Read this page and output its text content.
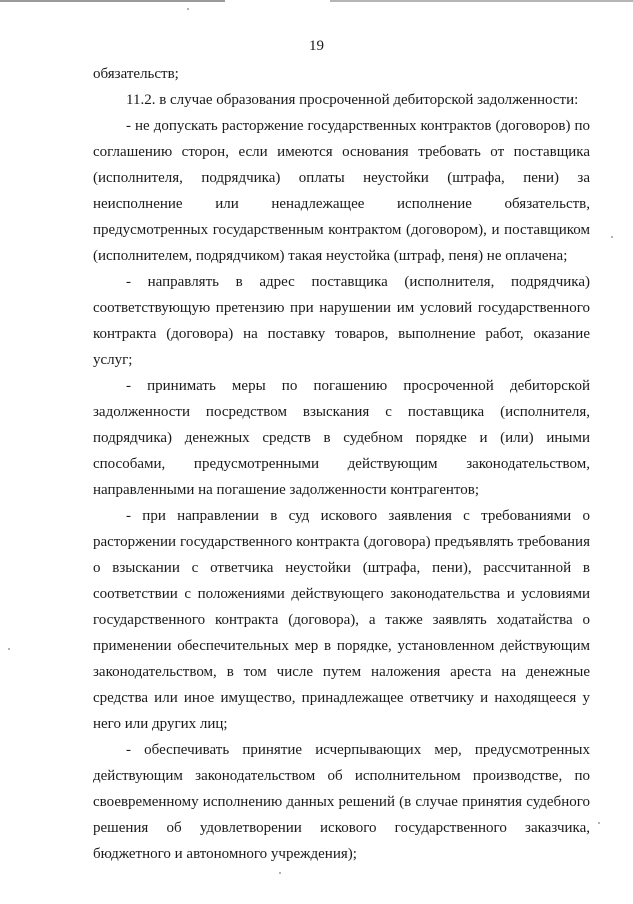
19

обязательств;

11.2. в случае образования просроченной дебиторской задолженности:

- не допускать расторжение государственных контрактов (договоров) по соглашению сторон, если имеются основания требовать от поставщика (исполнителя, подрядчика) оплаты неустойки (штрафа, пени) за неисполнение или ненадлежащее исполнение обязательств, предусмотренных государственным контрактом (договором), и поставщиком (исполнителем, подрядчиком) такая неустойка (штраф, пеня) не оплачена;

- направлять в адрес поставщика (исполнителя, подрядчика) соответствующую претензию при нарушении им условий государственного контракта (договора) на поставку товаров, выполнение работ, оказание услуг;

- принимать меры по погашению просроченной дебиторской задолженности посредством взыскания с поставщика (исполнителя, подрядчика) денежных средств в судебном порядке и (или) иными способами, предусмотренными действующим законодательством, направленными на погашение задолженности контрагентов;

- при направлении в суд искового заявления с требованиями о расторжении государственного контракта (договора) предъявлять требования о взыскании с ответчика неустойки (штрафа, пени), рассчитанной в соответствии с положениями действующего законодательства и условиями государственного контракта (договора), а также заявлять ходатайства о применении обеспечительных мер в порядке, установленном действующим законодательством, в том числе путем наложения ареста на денежные средства или иное имущество, принадлежащее ответчику и находящееся у него или других лиц;

- обеспечивать принятие исчерпывающих мер, предусмотренных действующим законодательством об исполнительном производстве, по своевременному исполнению данных решений (в случае принятия судебного решения об удовлетворении искового государственного заказчика, бюджетного и автономного учреждения);
